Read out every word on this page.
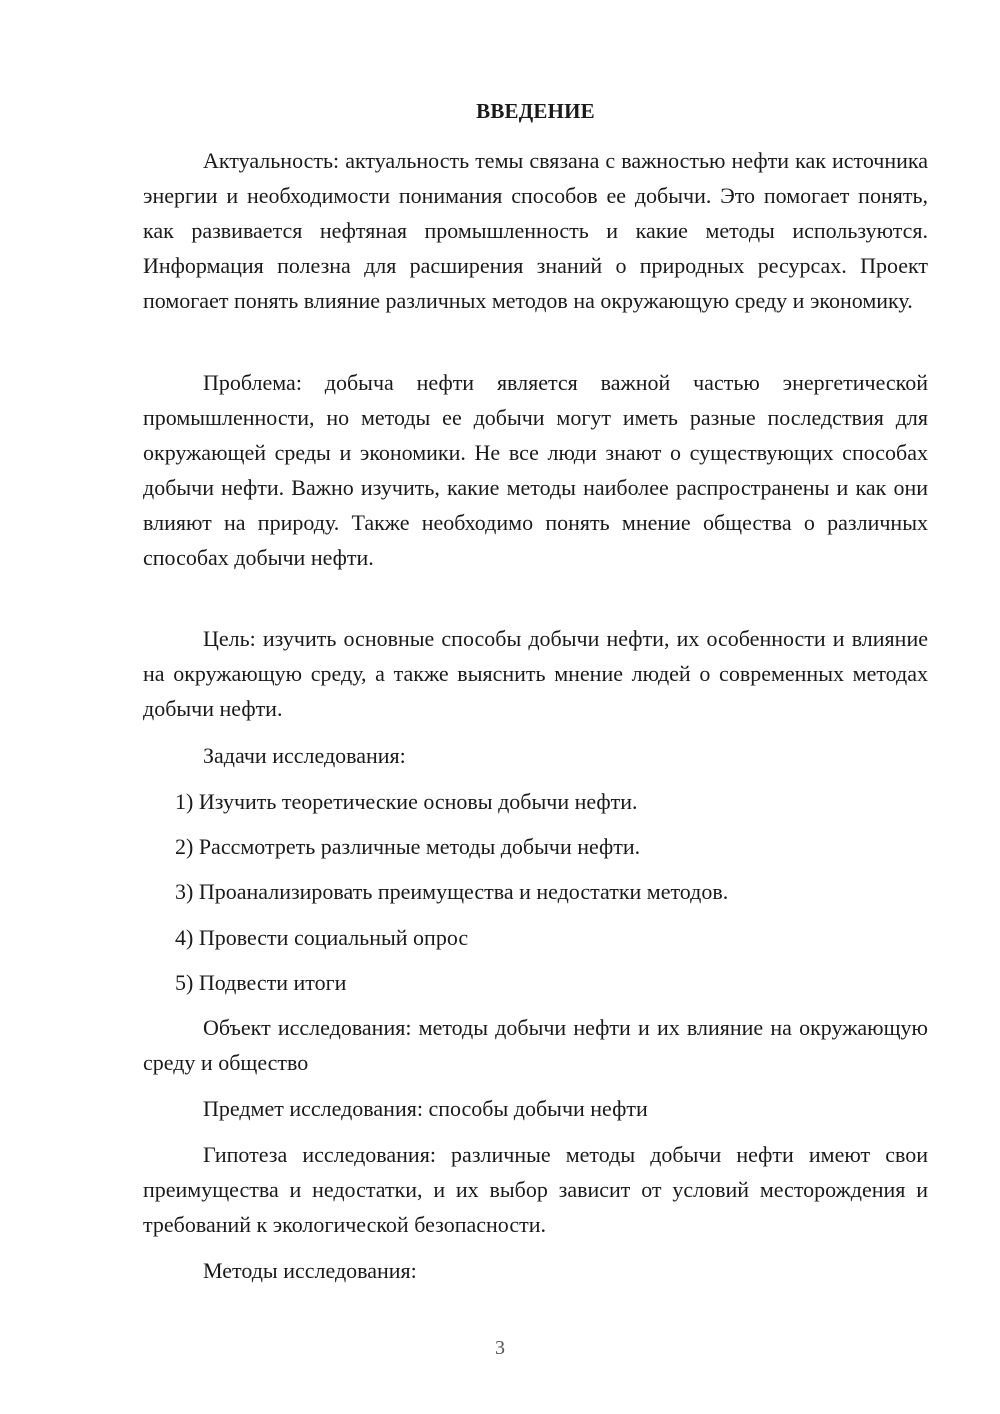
ВВЕДЕНИЕ

Актуальность: актуальность темы связана с важностью нефти как источника энергии и необходимости понимания способов ее добычи. Это помогает понять, как развивается нефтяная промышленность и какие методы используются. Информация полезна для расширения знаний о природных ресурсах. Проект помогает понять влияние различных методов на окружающую среду и экономику.

Проблема: добыча нефти является важной частью энергетической промышленности, но методы ее добычи могут иметь разные последствия для окружающей среды и экономики. Не все люди знают о существующих способах добычи нефти. Важно изучить, какие методы наиболее распространены и как они влияют на природу. Также необходимо понять мнение общества о различных способах добычи нефти.

Цель: изучить основные способы добычи нефти, их особенности и влияние на окружающую среду, а также выяснить мнение людей о современных методах добычи нефти.

Задачи исследования:

1) Изучить теоретические основы добычи нефти.

2) Рассмотреть различные методы добычи нефти.

3) Проанализировать преимущества и недостатки методов.

4) Провести социальный опрос

5) Подвести итоги

Объект исследования: методы добычи нефти и их влияние на окружающую среду и общество

Предмет исследования: способы добычи нефти

Гипотеза исследования: различные методы добычи нефти имеют свои преимущества и недостатки, и их выбор зависит от условий месторождения и требований к экологической безопасности.

Методы исследования:

3
